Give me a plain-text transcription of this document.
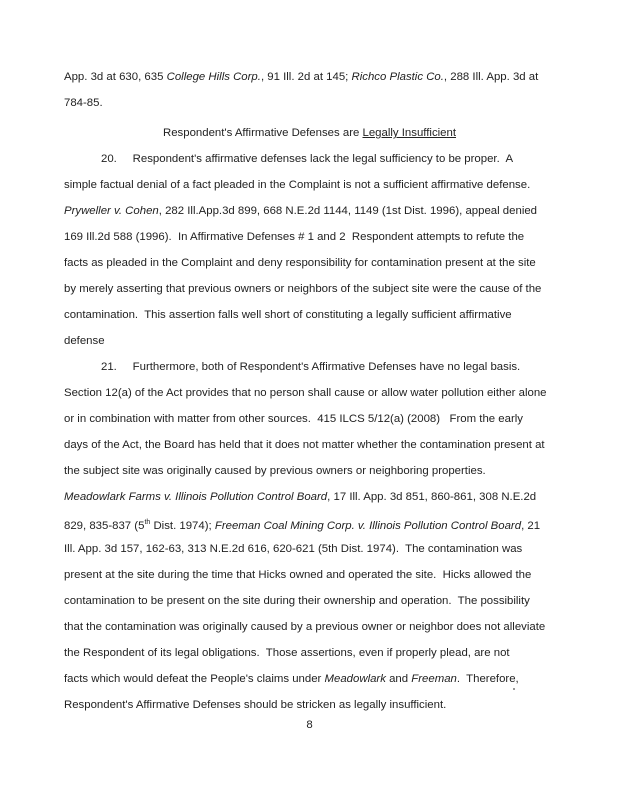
App. 3d at 630, 635 College Hills Corp., 91 Ill. 2d at 145; Richco Plastic Co., 288 Ill. App. 3d at
784-85.
Respondent's Affirmative Defenses are Legally Insufficient
20.     Respondent's affirmative defenses lack the legal sufficiency to be proper.  A
simple factual denial of a fact pleaded in the Complaint is not a sufficient affirmative defense.
Pryweller v. Cohen, 282 Ill.App.3d 899, 668 N.E.2d 1144, 1149 (1st Dist. 1996), appeal denied
169 Ill.2d 588 (1996).  In Affirmative Defenses # 1 and 2  Respondent attempts to refute the
facts as pleaded in the Complaint and deny responsibility for contamination present at the site
by merely asserting that previous owners or neighbors of the subject site were the cause of the
contamination.  This assertion falls well short of constituting a legally sufficient affirmative
defense
21.     Furthermore, both of Respondent's Affirmative Defenses have no legal basis.
Section 12(a) of the Act provides that no person shall cause or allow water pollution either alone
or in combination with matter from other sources.  415 ILCS 5/12(a) (2008)   From the early
days of the Act, the Board has held that it does not matter whether the contamination present at
the subject site was originally caused by previous owners or neighboring properties.
Meadowlark Farms v. Illinois Pollution Control Board, 17 Ill. App. 3d 851, 860-861, 308 N.E.2d
829, 835-837 (5th Dist. 1974); Freeman Coal Mining Corp. v. Illinois Pollution Control Board, 21
Ill. App. 3d 157, 162-63, 313 N.E.2d 616, 620-621 (5th Dist. 1974).  The contamination was
present at the site during the time that Hicks owned and operated the site.  Hicks allowed the
contamination to be present on the site during their ownership and operation.  The possibility
that the contamination was originally caused by a previous owner or neighbor does not alleviate
the Respondent of its legal obligations.  Those assertions, even if properly plead, are not
facts which would defeat the People's claims under Meadowlark and Freeman.  Therefore,
Respondent's Affirmative Defenses should be stricken as legally insufficient.
8
